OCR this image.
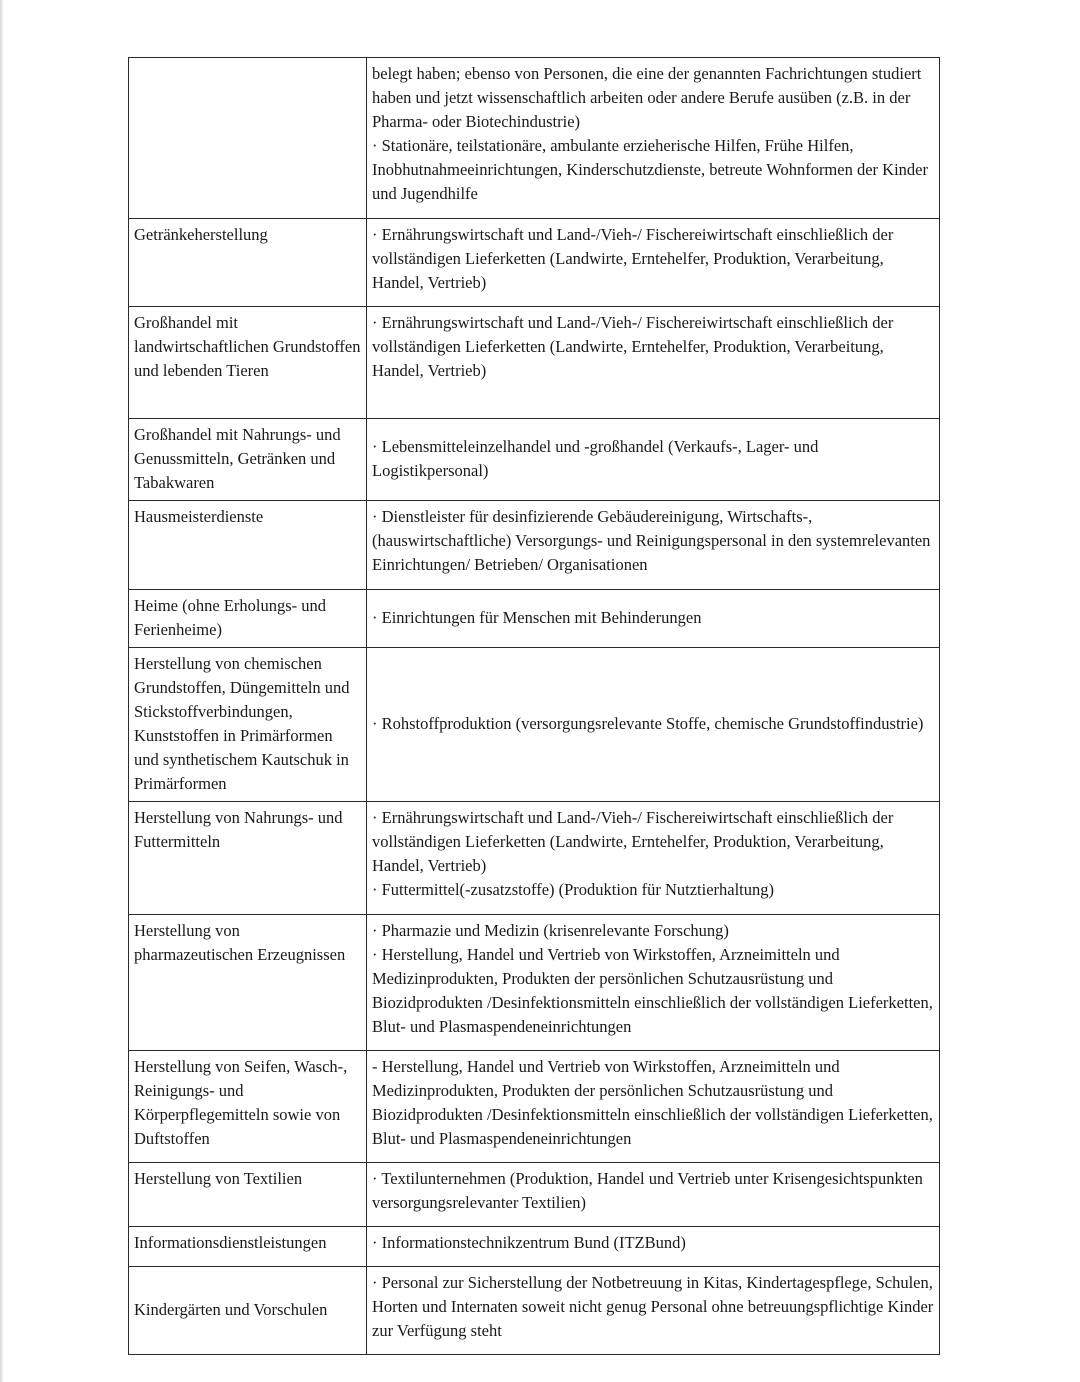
	belegt haben; ebenso von Personen, die eine der genannten Fachrichtungen studiert haben und jetzt wissenschaftlich arbeiten oder andere Berufe ausüben (z.B. in der Pharma- oder Biotechindustrie)
· Stationäre, teilstationäre, ambulante erzieherische Hilfen, Frühe Hilfen, Inobhutnahmeeinrichtungen, Kinderschutzdienste, betreute Wohnformen der Kinder und Jugendhilfe

Getränkeherstellung	· Ernährungswirtschaft und Land-/Vieh-/ Fischereiwirtschaft einschließlich der vollständigen Lieferketten (Landwirte, Erntehelfer, Produktion, Verarbeitung, Handel, Vertrieb)

Großhandel mit landwirtschaftlichen Grundstoffen und lebenden Tieren	· Ernährungswirtschaft und Land-/Vieh-/ Fischereiwirtschaft einschließlich der vollständigen Lieferketten (Landwirte, Erntehelfer, Produktion, Verarbeitung, Handel, Vertrieb)

Großhandel mit Nahrungs- und Genussmitteln, Getränken und Tabakwaren	· Lebensmitteleinzelhandel und -großhandel (Verkaufs-, Lager- und Logistikpersonal)

Hausmeisterdienste	· Dienstleister für desinfizierende Gebäudereinigung, Wirtschafts-, (hauswirtschaftliche) Versorgungs- und Reinigungspersonal in den systemrelevanten Einrichtungen/ Betrieben/ Organisationen

Heime (ohne Erholungs- und Ferienheime)	· Einrichtungen für Menschen mit Behinderungen

Herstellung von chemischen Grundstoffen, Düngemitteln und Stickstoffverbindungen, Kunststoffen in Primärformen und synthetischem Kautschuk in Primärformen	· Rohstoffproduktion (versorgungsrelevante Stoffe, chemische Grundstoffindustrie)

Herstellung von Nahrungs- und Futtermitteln	· Ernährungswirtschaft und Land-/Vieh-/ Fischereiwirtschaft einschließlich der vollständigen Lieferketten (Landwirte, Erntehelfer, Produktion, Verarbeitung, Handel, Vertrieb)
· Futtermittel(-zusatzstoffe) (Produktion für Nutztierhaltung)

Herstellung von pharmazeutischen Erzeugnissen	· Pharmazie und Medizin (krisenrelevante Forschung)
· Herstellung, Handel und Vertrieb von Wirkstoffen, Arzneimitteln und Medizinprodukten, Produkten der persönlichen Schutzausrüstung und Biozidprodukten /Desinfektionsmitteln einschließlich der vollständigen Lieferketten, Blut- und Plasmaspendeneinrichtungen

Herstellung von Seifen, Wasch-, Reinigungs- und Körperpflegemitteln sowie von Duftstoffen	- Herstellung, Handel und Vertrieb von Wirkstoffen, Arzneimitteln und Medizinprodukten, Produkten der persönlichen Schutzausrüstung und Biozidprodukten /Desinfektionsmitteln einschließlich der vollständigen Lieferketten, Blut- und Plasmaspendeneinrichtungen

Herstellung von Textilien	· Textilunternehmen (Produktion, Handel und Vertrieb unter Krisengesichtspunkten versorgungsrelevanter Textilien)

Informationsdienstleistungen	· Informationstechnikzentrum Bund (ITZBund)

Kindergärten und Vorschulen	· Personal zur Sicherstellung der Notbetreuung in Kitas, Kindertagespflege, Schulen, Horten und Internaten soweit nicht genug Personal ohne betreuungspflichtige Kinder zur Verfügung steht
